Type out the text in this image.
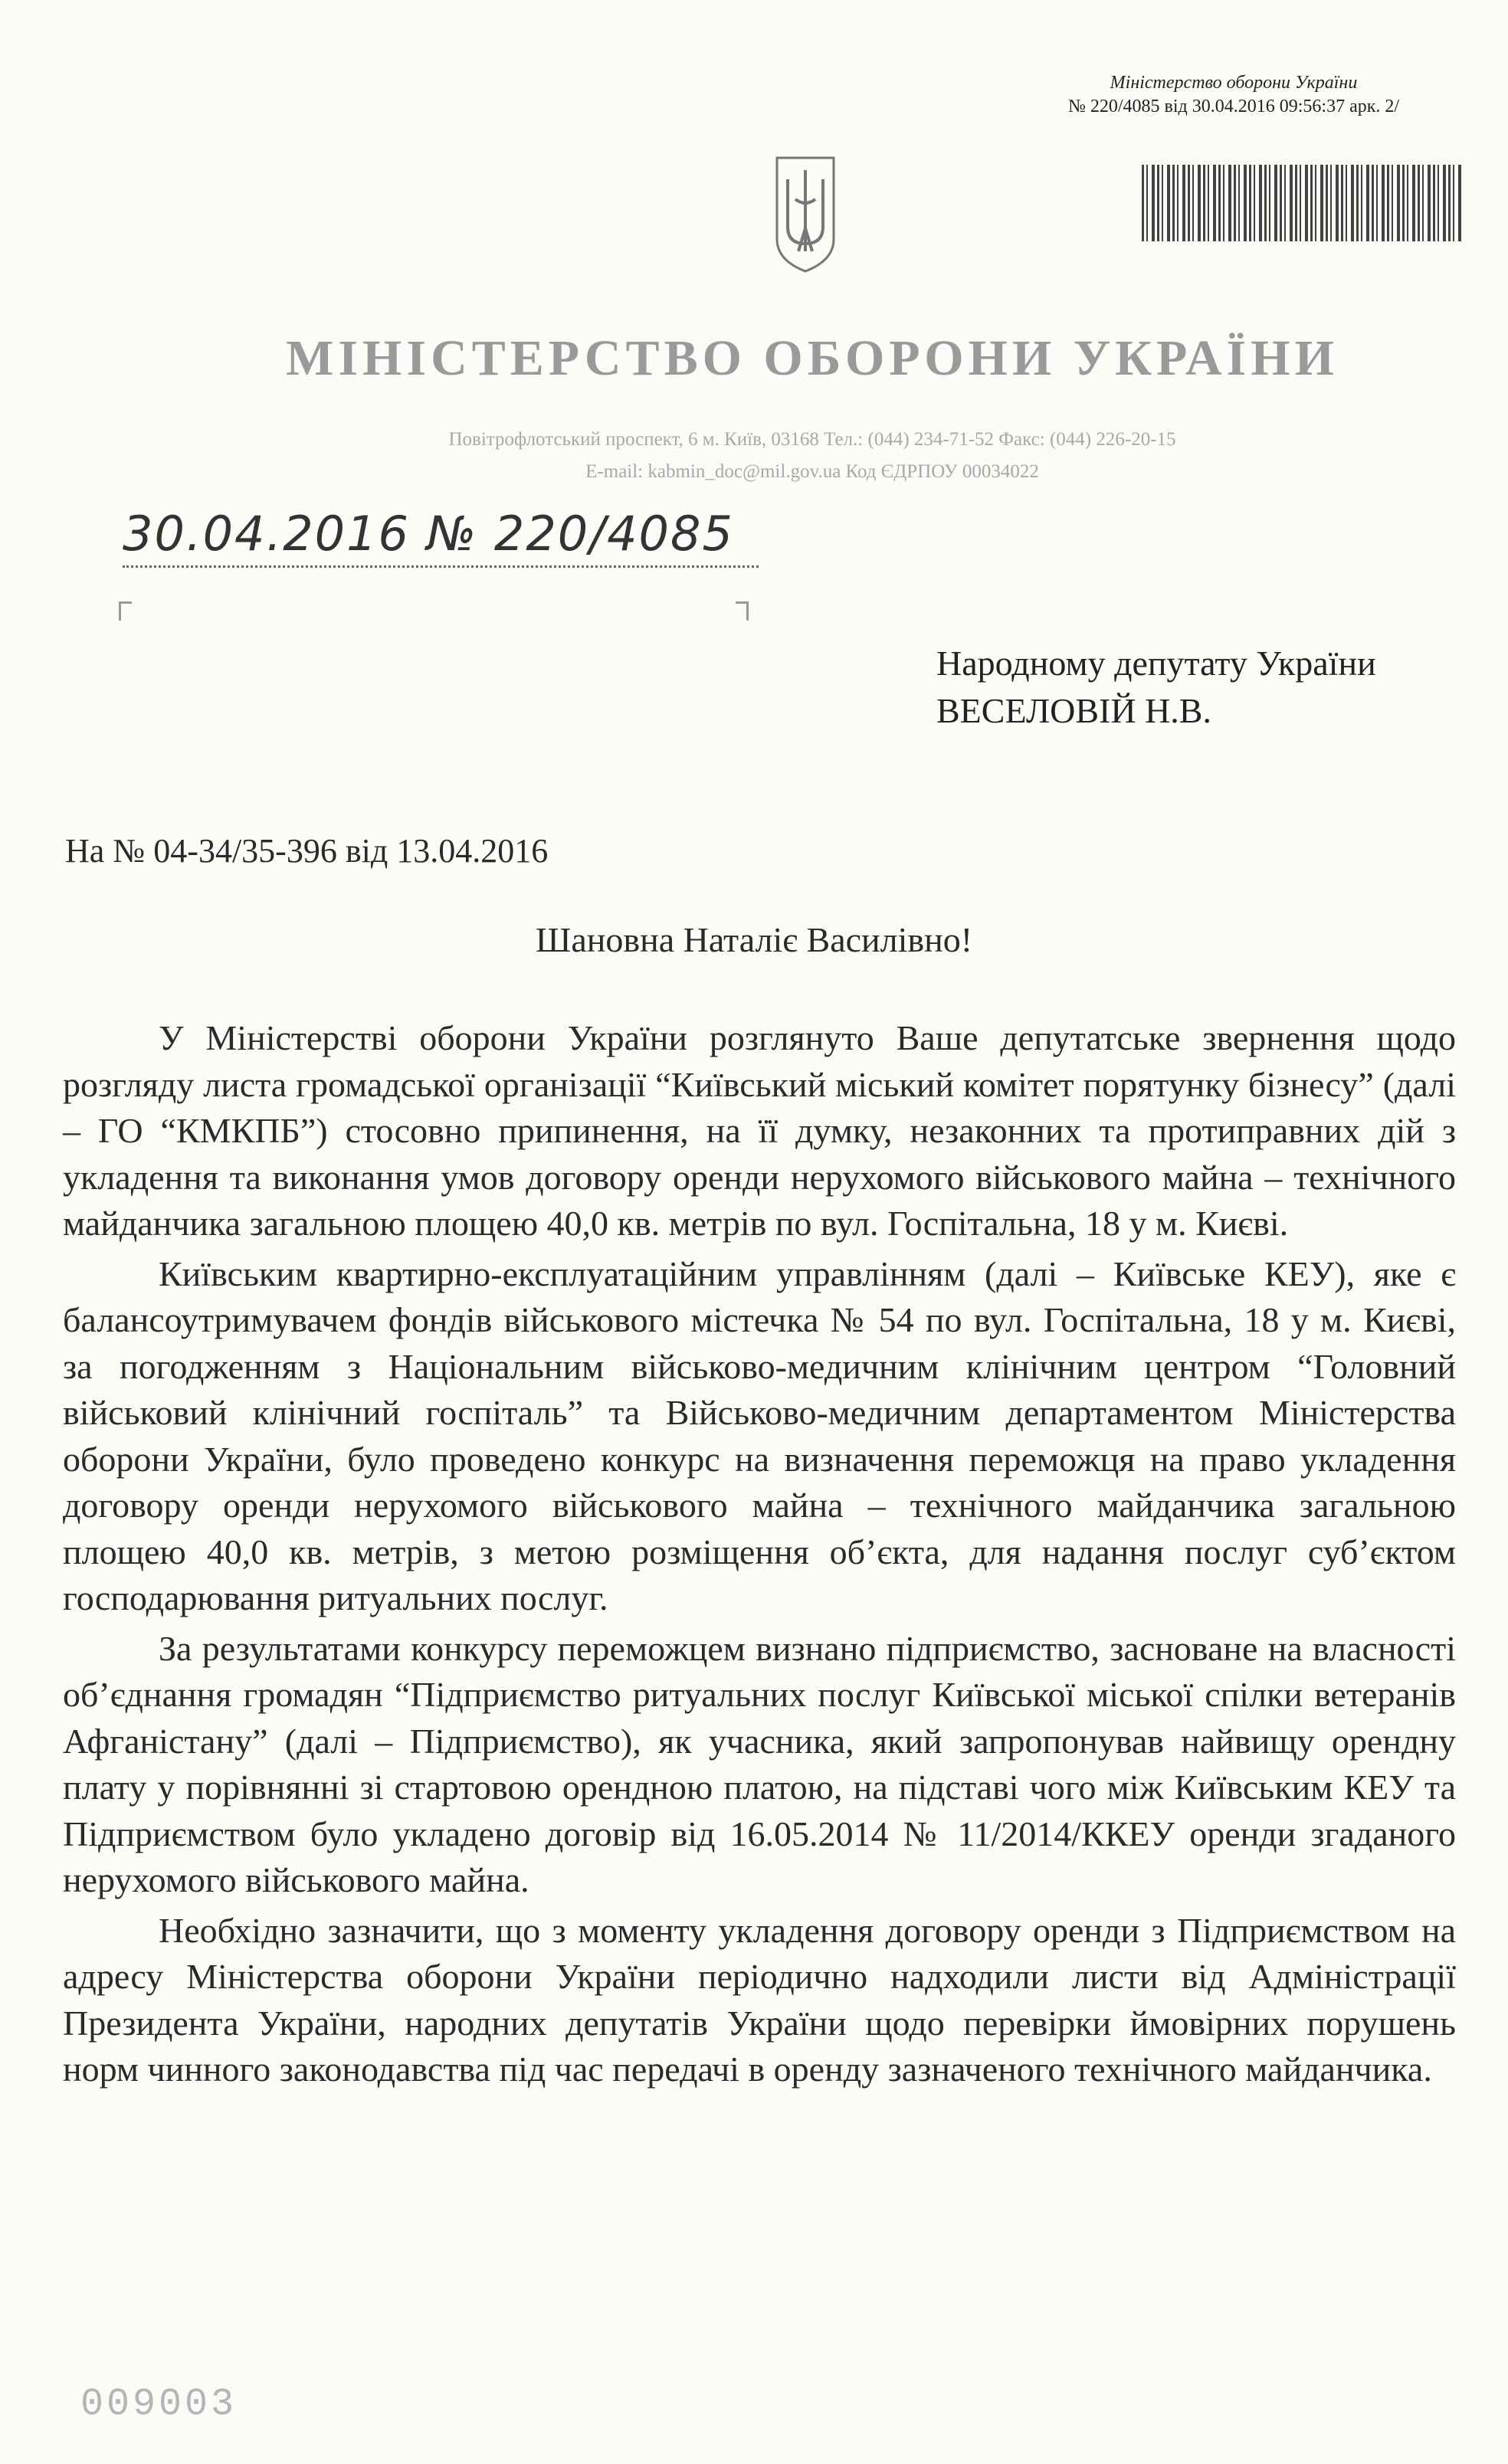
Міністерство оборони України
№ 220/4085 від 30.04.2016 09:56:37 арк. 2/
МІНІСТЕРСТВО ОБОРОНИ УКРАЇНИ
Повітрофлотський проспект, 6 м. Київ, 03168 Тел.: (044) 234-71-52 Факс: (044) 226-20-15
E-mail: kabmin_doc@mil.gov.ua Код ЄДРПОУ 00034022
30.04.2016 № 220/4085
Народному депутату України
ВЕСЕЛОВІЙ Н.В.
На № 04-34/35-396 від 13.04.2016
Шановна Наталіє Василівно!

У Міністерстві оборони України розглянуто Ваше депутатське звернення щодо розгляду листа громадської організації “Київський міський комітет порятунку бізнесу” (далі – ГО “КМКПБ”) стосовно припинення, на її думку, незаконних та протиправних дій з укладення та виконання умов договору оренди нерухомого військового майна – технічного майданчика загальною площею 40,0 кв. метрів по вул. Госпітальна, 18 у м. Києві.

Київським квартирно-експлуатаційним управлінням (далі – Київське КЕУ), яке є балансоутримувачем фондів військового містечка № 54 по вул. Госпітальна, 18 у м. Києві, за погодженням з Національним військово-медичним клінічним центром “Головний військовий клінічний госпіталь” та Військово-медичним департаментом Міністерства оборони України, було проведено конкурс на визначення переможця на право укладення договору оренди нерухомого військового майна – технічного майданчика загальною площею 40,0 кв. метрів, з метою розміщення об’єкта, для надання послуг суб’єктом господарювання ритуальних послуг.

За результатами конкурсу переможцем визнано підприємство, засноване на власності об’єднання громадян “Підприємство ритуальних послуг Київської міської спілки ветеранів Афганістану” (далі – Підприємство), як учасника, який запропонував найвищу орендну плату у порівнянні зі стартовою орендною платою, на підставі чого між Київським КЕУ та Підприємством було укладено договір від 16.05.2014 № 11/2014/ККЕУ оренди згаданого нерухомого військового майна.

Необхідно зазначити, що з моменту укладення договору оренди з Підприємством на адресу Міністерства оборони України періодично надходили листи від Адміністрації Президента України, народних депутатів України щодо перевірки ймовірних порушень норм чинного законодавства під час передачі в оренду зазначеного технічного майданчика.

009003
